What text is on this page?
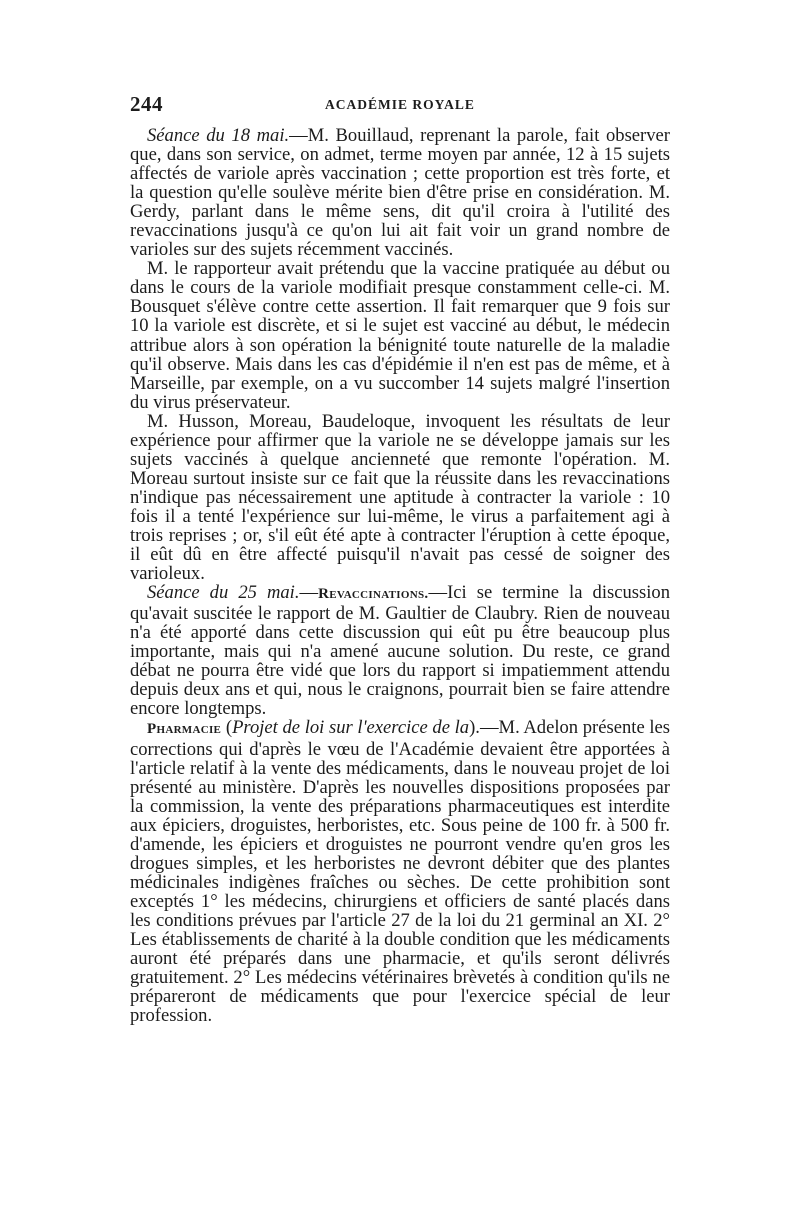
244	ACADÉMIE ROYALE

Séance du 18 mai.—M. Bouillaud, reprenant la parole, fait observer que, dans son service, on admet, terme moyen par année, 12 à 15 sujets affectés de variole après vaccination ; cette proportion est très forte, et la question qu'elle soulève mérite bien d'être prise en considération. M. Gerdy, parlant dans le même sens, dit qu'il croira à l'utilité des revaccinations jusqu'à ce qu'on lui ait fait voir un grand nombre de varioles sur des sujets récemment vaccinés.

M. le rapporteur avait prétendu que la vaccine pratiquée au début ou dans le cours de la variole modifiait presque constamment celle-ci. M. Bousquet s'élève contre cette assertion. Il fait remarquer que 9 fois sur 10 la variole est discrète, et si le sujet est vacciné au début, le médecin attribue alors à son opération la bénignité toute naturelle de la maladie qu'il observe. Mais dans les cas d'épidémie il n'en est pas de même, et à Marseille, par exemple, on a vu succomber 14 sujets malgré l'insertion du virus préservateur.

M. Husson, Moreau, Baudeloque, invoquent les résultats de leur expérience pour affirmer que la variole ne se développe jamais sur les sujets vaccinés à quelque ancienneté que remonte l'opération. M. Moreau surtout insiste sur ce fait que la réussite dans les revaccinations n'indique pas nécessairement une aptitude à contracter la variole : 10 fois il a tenté l'expérience sur lui-même, le virus a parfaitement agi à trois reprises ; or, s'il eût été apte à contracter l'éruption à cette époque, il eût dû en être affecté puisqu'il n'avait pas cessé de soigner des varioleux.

Séance du 25 mai.—Revaccinations.—Ici se termine la discussion qu'avait suscitée le rapport de M. Gaultier de Claubry. Rien de nouveau n'a été apporté dans cette discussion qui eût pu être beaucoup plus importante, mais qui n'a amené aucune solution. Du reste, ce grand débat ne pourra être vidé que lors du rapport si impatiemment attendu depuis deux ans et qui, nous le craignons, pourrait bien se faire attendre encore longtemps.

Pharmacie (Projet de loi sur l'exercice de la).—M. Adelon présente les corrections qui d'après le vœu de l'Académie devaient être apportées à l'article relatif à la vente des médicaments, dans le nouveau projet de loi présenté au ministère. D'après les nouvelles dispositions proposées par la commission, la vente des préparations pharmaceutiques est interdite aux épiciers, droguistes, herboristes, etc. Sous peine de 100 fr. à 500 fr. d'amende, les épiciers et droguistes ne pourront vendre qu'en gros les drogues simples, et les herboristes ne devront débiter que des plantes médicinales indigènes fraîches ou sèches. De cette prohibition sont exceptés 1° les médecins, chirurgiens et officiers de santé placés dans les conditions prévues par l'article 27 de la loi du 21 germinal an XI. 2° Les établissements de charité à la double condition que les médicaments auront été préparés dans une pharmacie, et qu'ils seront délivrés gratuitement. 2° Les médecins vétérinaires brèvetés à condition qu'ils ne prépareront de médicaments que pour l'exercice spécial de leur profession.
